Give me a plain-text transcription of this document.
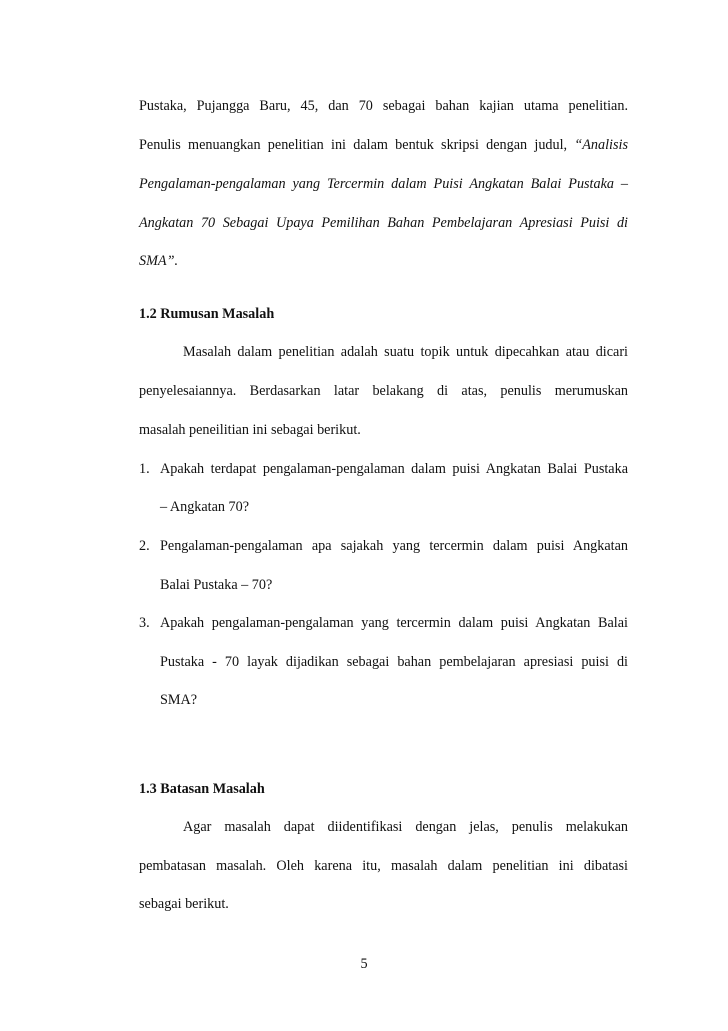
Pustaka, Pujangga Baru, 45, dan 70 sebagai bahan kajian utama penelitian.
Penulis menuangkan penelitian ini dalam bentuk skripsi dengan judul, “Analisis
Pengalaman-pengalaman yang Tercermin dalam Puisi Angkatan Balai Pustaka –
Angkatan 70 Sebagai Upaya Pemilihan Bahan Pembelajaran Apresiasi Puisi di
SMA”.
1.2 Rumusan Masalah
Masalah dalam penelitian adalah suatu topik untuk dipecahkan atau dicari
penyelesaiannya. Berdasarkan latar belakang di atas, penulis merumuskan
masalah peneilitian ini sebagai berikut.
1. Apakah terdapat pengalaman-pengalaman dalam puisi Angkatan Balai Pustaka
– Angkatan 70?
2. Pengalaman-pengalaman apa sajakah yang tercermin dalam puisi Angkatan
Balai Pustaka – 70?
3. Apakah pengalaman-pengalaman yang tercermin dalam puisi Angkatan Balai
Pustaka - 70 layak dijadikan sebagai bahan pembelajaran apresiasi puisi di
SMA?
1.3 Batasan Masalah
Agar masalah dapat diidentifikasi dengan jelas, penulis melakukan
pembatasan masalah. Oleh karena itu, masalah dalam penelitian ini dibatasi
sebagai berikut.
5
